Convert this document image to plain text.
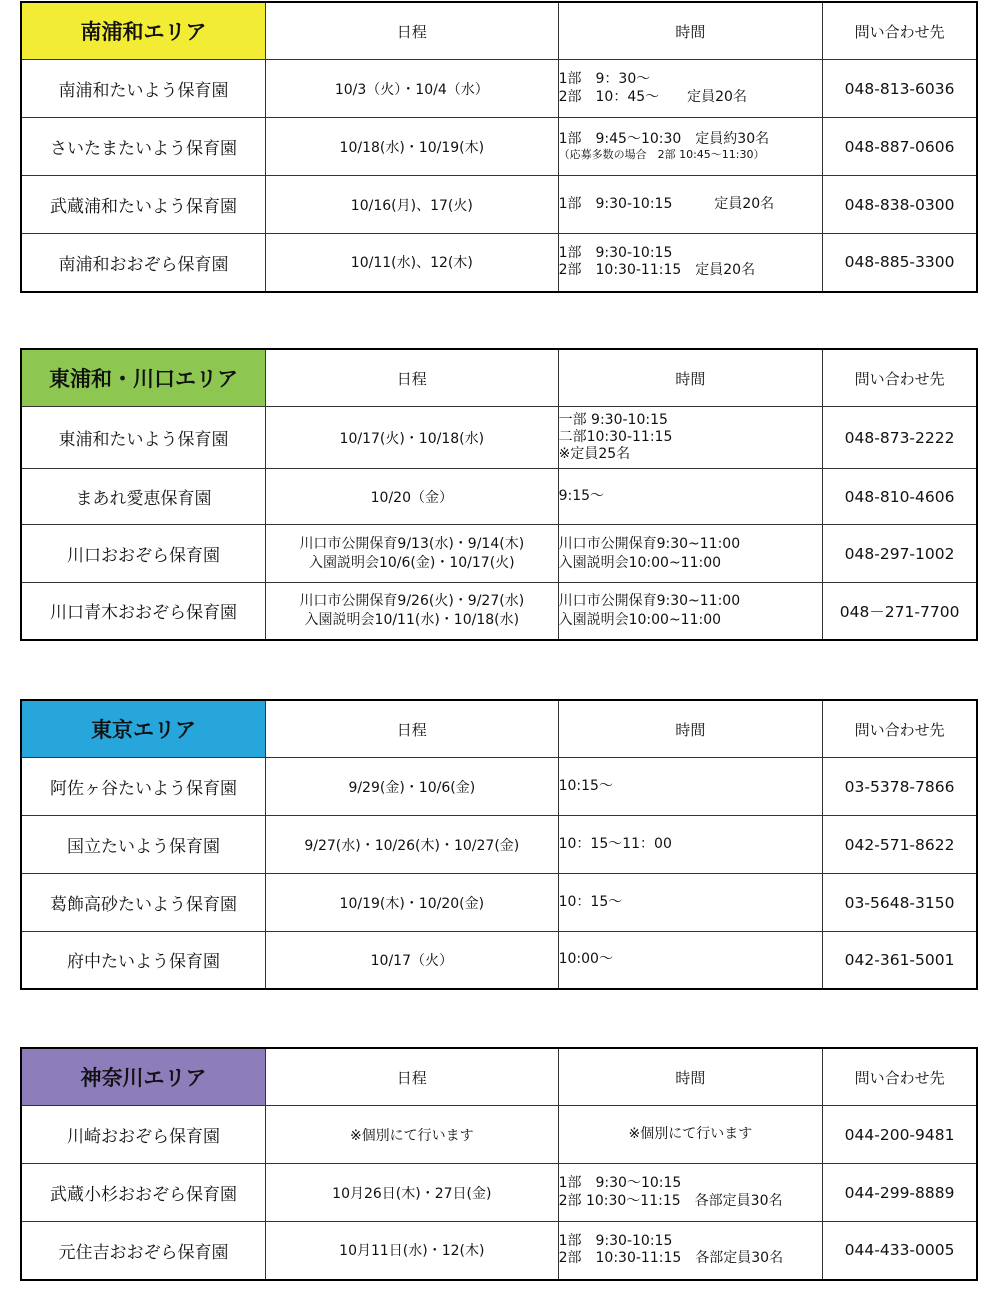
南浦和エリア	日程	時間	問い合わせ先
南浦和たいよう保育園	10/3（火）・10/4（水）	1部　9：30～
2部　10：45～　　定員20名	048-813-6036
さいたまたいよう保育園	10/18(水)・10/19(木)	1部　9:45～10:30　定員約30名
（応募多数の場合　2部 10:45～11:30）	048‐887‐0606
武蔵浦和たいよう保育園	10/16(月)、17(火)	1部　9:30-10:15　　　定員20名	048-838-0300
南浦和おおぞら保育園	10/11(水)、12(木)	1部　9:30-10:15
2部　10:30-11:15　定員20名	048-885-3300
東浦和・川口エリア	日程	時間	問い合わせ先
東浦和たいよう保育園	10/17(火)・10/18(水)	一部 9:30-10:15
二部10:30-11:15
※定員25名	048-873-2222
まあれ愛恵保育園	10/20（金）	9:15～	048-810-4606
川口おおぞら保育園	川口市公開保育9/13(水)・9/14(木)
入園説明会10/6(金)・10/17(火)	川口市公開保育9:30~11:00
入園説明会10:00~11:00	048-297-1002
川口青木おおぞら保育園	川口市公開保育9/26(火)・9/27(水)
入園説明会10/11(水)・10/18(水)	川口市公開保育9:30~11:00
入園説明会10:00~11:00	048－271-7700
東京エリア	日程	時間	問い合わせ先
阿佐ヶ谷たいよう保育園	9/29(金)・10/6(金)	10:15～	03-5378-7866
国立たいよう保育園	9/27(水)・10/26(木)・10/27(金)	10：15～11：00	042-571-8622
葛飾高砂たいよう保育園	10/19(木)・10/20(金)	10：15～	03-5648-3150
府中たいよう保育園	10/17（火）	10:00～	042-361-5001
神奈川エリア	日程	時間	問い合わせ先
川崎おおぞら保育園	※個別にて行います	※個別にて行います	044-200-9481
武蔵小杉おおぞら保育園	10月26日(木)・27日(金)	1部　9:30～10:15
2部 10:30～11:15　各部定員30名	044-299-8889
元住吉おおぞら保育園	10月11日(水)・12(木)	1部　9:30-10:15
2部　10:30-11:15　各部定員30名	044-433-0005
